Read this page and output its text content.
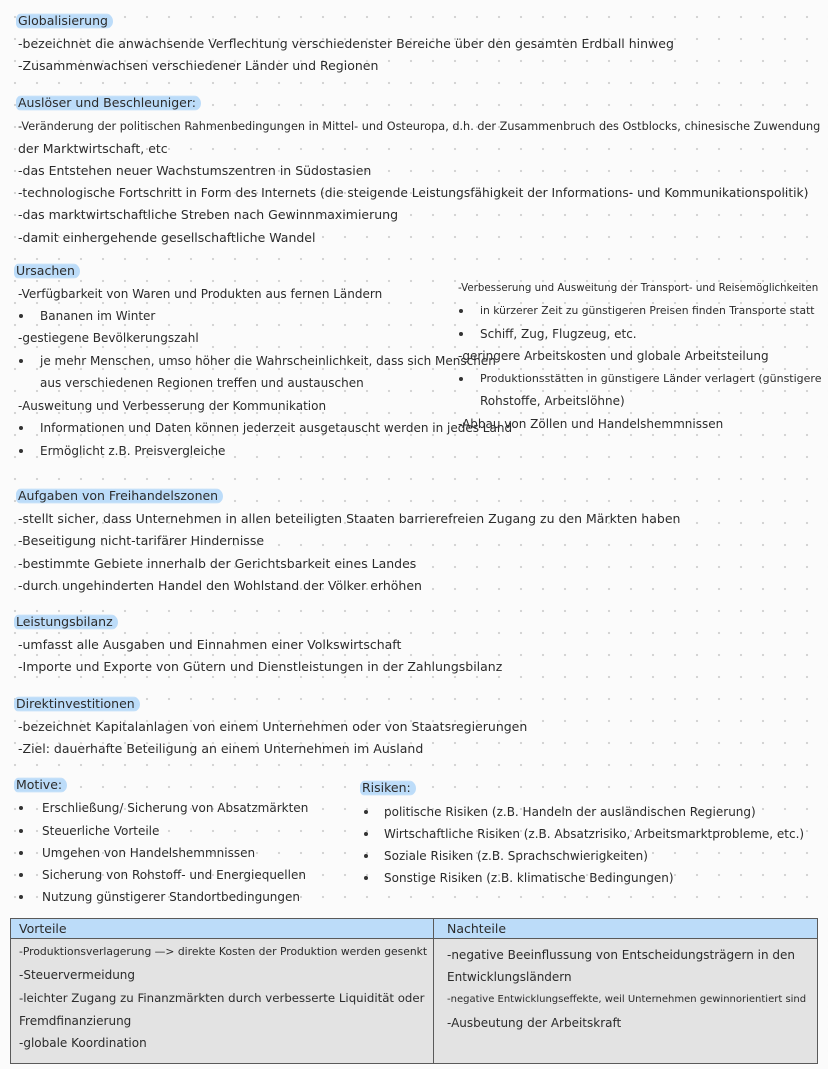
Globalisierung
-bezeichnet die anwachsende Verflechtung verschiedenster Bereiche über den gesamten Erdball hinweg
-Zusammenwachsen verschiedener Länder und Regionen
Auslöser und Beschleuniger:
-Veränderung der politischen Rahmenbedingungen in Mittel- und Osteuropa, d.h. der Zusammenbruch des Ostblocks, chinesische Zuwendung
der Marktwirtschaft, etc
-das Entstehen neuer Wachstumszentren in Südostasien
-technologische Fortschritt in Form des Internets (die steigende Leistungsfähigkeit der Informations- und Kommunikationspolitik)
-das marktwirtschaftliche Streben nach Gewinnmaximierung
-damit einhergehende gesellschaftliche Wandel
Ursachen
-Verfügbarkeit von Waren und Produkten aus fernen Ländern
Bananen im Winter
-gestiegene Bevölkerungszahl
je mehr Menschen, umso höher die Wahrscheinlichkeit, dass sich Menschen
aus verschiedenen Regionen treffen und austauschen
-Ausweitung und Verbesserung der Kommunikation
Informationen und Daten können jederzeit ausgetauscht werden in jedes Land
Ermöglicht z.B. Preisvergleiche
-Verbesserung und Ausweitung der Transport- und Reisemöglichkeiten
in kürzerer Zeit zu günstigeren Preisen finden Transporte statt
Schiff, Zug, Flugzeug, etc.
-geringere Arbeitskosten und globale Arbeitsteilung
Produktionsstätten in günstigere Länder verlagert (günstigere
Rohstoffe, Arbeitslöhne)
-Abbau von Zöllen und Handelshemmnissen
Aufgaben von Freihandelszonen
-stellt sicher, dass Unternehmen in allen beteiligten Staaten barrierefreien Zugang zu den Märkten haben
-Beseitigung nicht-tarifärer Hindernisse
-bestimmte Gebiete innerhalb der Gerichtsbarkeit eines Landes
-durch ungehinderten Handel den Wohlstand der Völker erhöhen
Leistungsbilanz
-umfasst alle Ausgaben und Einnahmen einer Volkswirtschaft
-Importe und Exporte von Gütern und Dienstleistungen in der Zahlungsbilanz
Direktinvestitionen
-bezeichnet Kapitalanlagen von einem Unternehmen oder von Staatsregierungen
-Ziel: dauerhafte Beteiligung an einem Unternehmen im Ausland
Motive:
Erschließung/ Sicherung von Absatzmärkten
Steuerliche Vorteile
Umgehen von Handelshemmnissen
Sicherung von Rohstoff- und Energiequellen
Nutzung günstigerer Standortbedingungen
Risiken:
politische Risiken (z.B. Handeln der ausländischen Regierung)
Wirtschaftliche Risiken (z.B. Absatzrisiko, Arbeitsmarktprobleme, etc.)
Soziale Risiken (z.B. Sprachschwierigkeiten)
Sonstige Risiken (z.B. klimatische Bedingungen)
Vorteile	Nachteile
-Produktionsverlagerung —> direkte Kosten der Produktion werden gesenkt
-Steuervermeidung
-leichter Zugang zu Finanzmärkten durch verbesserte Liquidität oder
Fremdfinanzierung
-globale Koordination
-negative Beeinflussung von Entscheidungsträgern in den
Entwicklungsländern
-negative Entwicklungseffekte, weil Unternehmen gewinnorientiert sind
-Ausbeutung der Arbeitskraft
